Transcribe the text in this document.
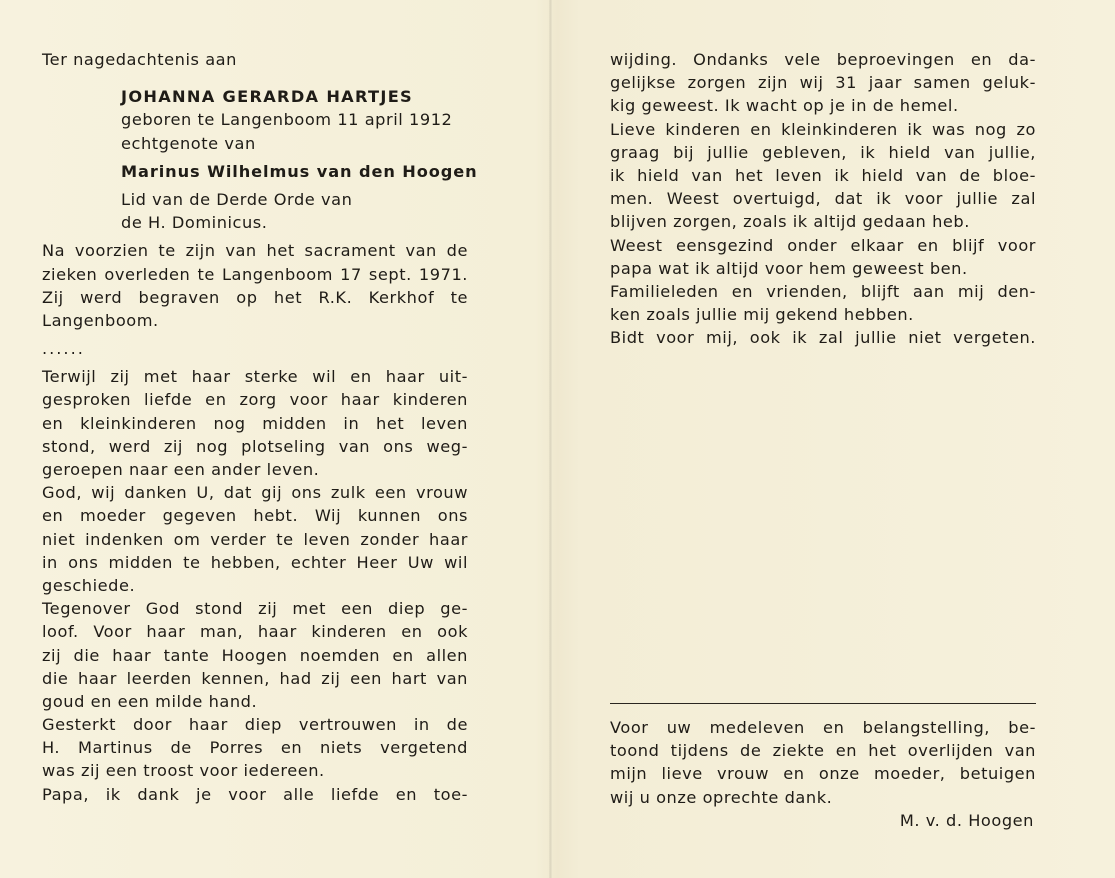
Ter nagedachtenis aan
JOHANNA GERARDA HARTJES
geboren te Langenboom 11 april 1912
echtgenote van
Marinus Wilhelmus van den Hoogen
Lid van de Derde Orde van
de H. Dominicus.
Na voorzien te zijn van het sacrament van de
zieken overleden te Langenboom 17 sept. 1971.
Zij werd begraven op het R.K. Kerkhof te
Langenboom.
......
Terwijl zij met haar sterke wil en haar uit-
gesproken liefde en zorg voor haar kinderen
en kleinkinderen nog midden in het leven
stond, werd zij nog plotseling van ons weg-
geroepen naar een ander leven.
God, wij danken U, dat gij ons zulk een vrouw
en moeder gegeven hebt. Wij kunnen ons
niet indenken om verder te leven zonder haar
in ons midden te hebben, echter Heer Uw wil
geschiede.
Tegenover God stond zij met een diep ge-
loof. Voor haar man, haar kinderen en ook
zij die haar tante Hoogen noemden en allen
die haar leerden kennen, had zij een hart van
goud en een milde hand.
Gesterkt door haar diep vertrouwen in de
H. Martinus de Porres en niets vergetend
was zij een troost voor iedereen.
Papa, ik dank je voor alle liefde en toe-
wijding. Ondanks vele beproevingen en da-
gelijkse zorgen zijn wij 31 jaar samen geluk-
kig geweest. Ik wacht op je in de hemel.
Lieve kinderen en kleinkinderen ik was nog zo
graag bij jullie gebleven, ik hield van jullie,
ik hield van het leven ik hield van de bloe-
men. Weest overtuigd, dat ik voor jullie zal
blijven zorgen, zoals ik altijd gedaan heb.
Weest eensgezind onder elkaar en blijf voor
papa wat ik altijd voor hem geweest ben.
Familieleden en vrienden, blijft aan mij den-
ken zoals jullie mij gekend hebben.
Bidt voor mij, ook ik zal jullie niet vergeten.
Voor uw medeleven en belangstelling, be-
toond tijdens de ziekte en het overlijden van
mijn lieve vrouw en onze moeder, betuigen
wij u onze oprechte dank.
M. v. d. Hoogen
